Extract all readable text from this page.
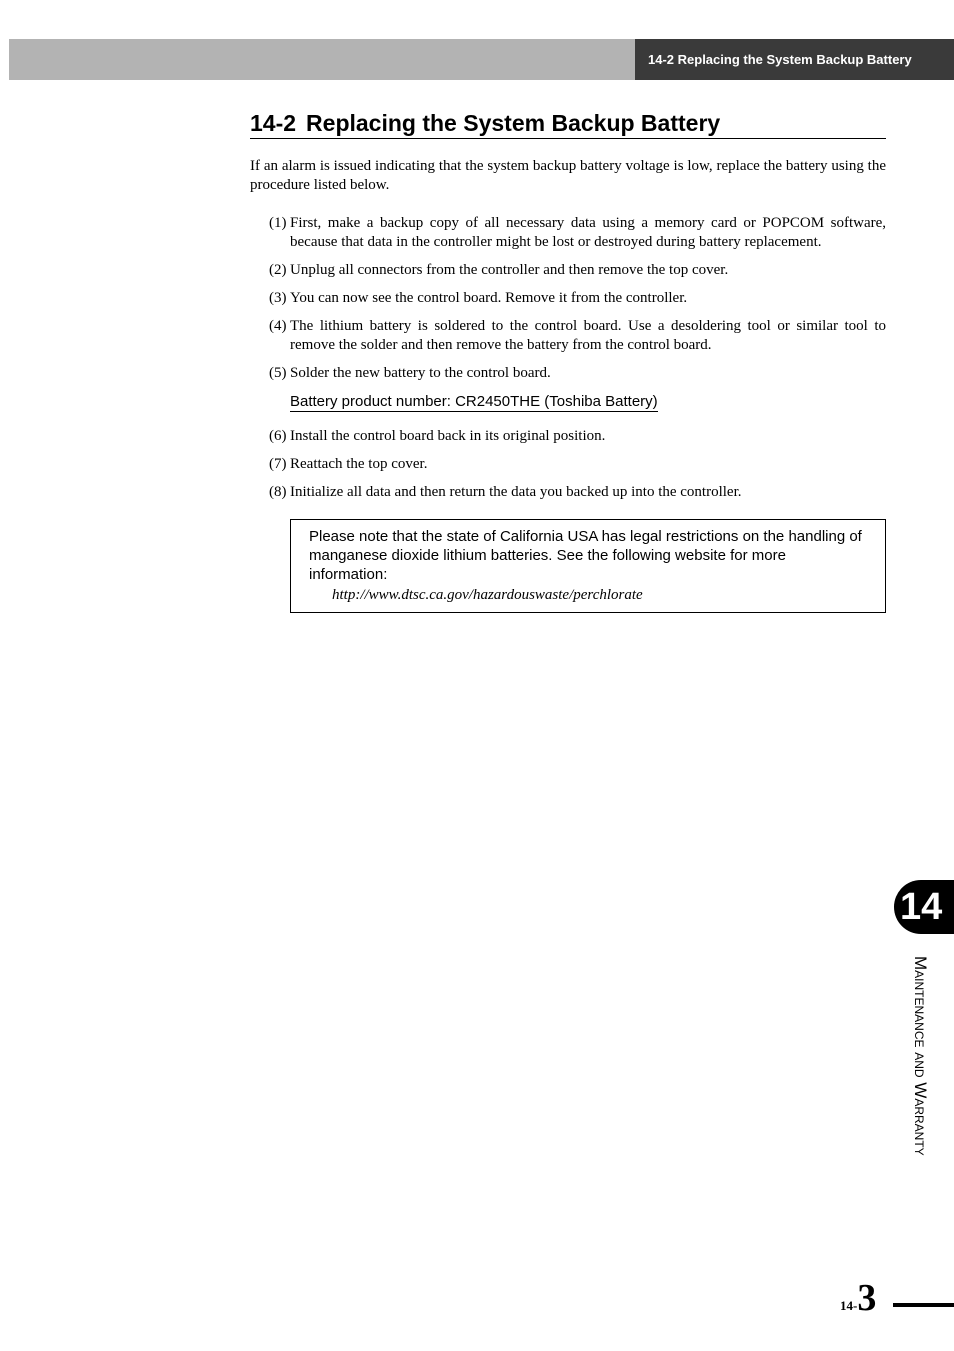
14-2 Replacing the System Backup Battery
14-2 Replacing the System Backup Battery
If an alarm is issued indicating that the system backup battery voltage is low, replace the battery using the procedure listed below.
(1) First, make a backup copy of all necessary data using a memory card or POPCOM software, because that data in the controller might be lost or destroyed during battery replacement.
(2) Unplug all connectors from the controller and then remove the top cover.
(3) You can now see the control board. Remove it from the controller.
(4) The lithium battery is soldered to the control board. Use a desoldering tool or similar tool to remove the solder and then remove the battery from the control board.
(5) Solder the new battery to the control board.
Battery product number: CR2450THE (Toshiba Battery)
(6) Install the control board back in its original position.
(7) Reattach the top cover.
(8) Initialize all data and then return the data you backed up into the controller.
Please note that the state of California USA has legal restrictions on the handling of manganese dioxide lithium batteries. See the following website for more information:
http://www.dtsc.ca.gov/hazardouswaste/perchlorate
14
Maintenance and Warranty
14-3
